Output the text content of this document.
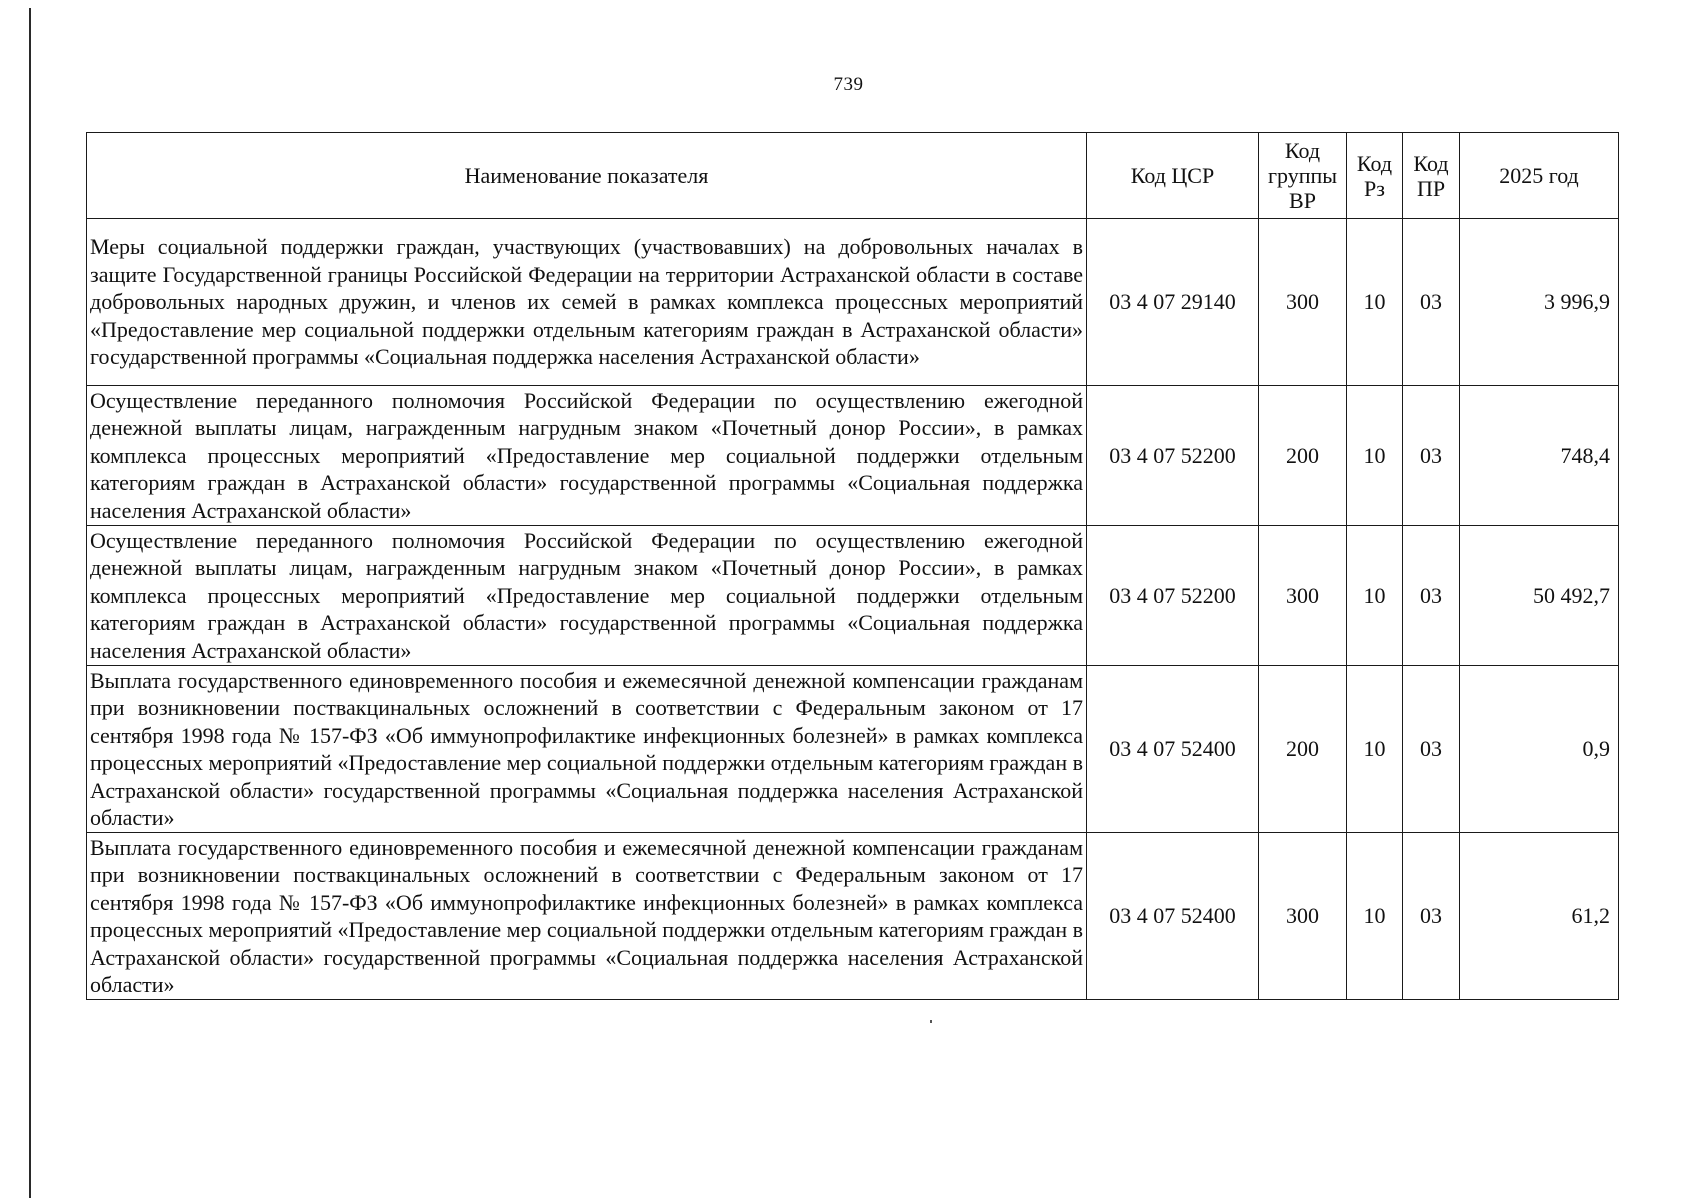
739
Наименование показателя	Код ЦСР	Код группы ВР	Код Рз	Код ПР	2025 год
Меры социальной поддержки граждан, участвующих (участвовавших) на добровольных началах в защите Государственной границы Российской Федерации на территории Астраханской области в составе добровольных народных дружин, и членов их семей в рамках комплекса процессных мероприятий «Предоставление мер социальной поддержки отдельным категориям граждан в Астраханской области» государственной программы «Социальная поддержка населения Астраханской области»	03 4 07 29140	300	10	03	3 996,9
Осуществление переданного полномочия Российской Федерации по осуществлению ежегодной денежной выплаты лицам, награжденным нагрудным знаком «Почетный донор России», в рамках комплекса процессных мероприятий «Предоставление мер социальной поддержки отдельным категориям граждан в Астраханской области» государственной программы «Социальная поддержка населения Астраханской области»	03 4 07 52200	200	10	03	748,4
Осуществление переданного полномочия Российской Федерации по осуществлению ежегодной денежной выплаты лицам, награжденным нагрудным знаком «Почетный донор России», в рамках комплекса процессных мероприятий «Предоставление мер социальной поддержки отдельным категориям граждан в Астраханской области» государственной программы «Социальная поддержка населения Астраханской области»	03 4 07 52200	300	10	03	50 492,7
Выплата государственного единовременного пособия и ежемесячной денежной компенсации гражданам при возникновении поствакцинальных осложнений в соответствии с Федеральным законом от 17 сентября 1998 года № 157-ФЗ «Об иммунопрофилактике инфекционных болезней» в рамках комплекса процессных мероприятий «Предоставление мер социальной поддержки отдельным категориям граждан в Астраханской области» государственной программы «Социальная поддержка населения Астраханской области»	03 4 07 52400	200	10	03	0,9
Выплата государственного единовременного пособия и ежемесячной денежной компенсации гражданам при возникновении поствакцинальных осложнений в соответствии с Федеральным законом от 17 сентября 1998 года № 157-ФЗ «Об иммунопрофилактике инфекционных болезней» в рамках комплекса процессных мероприятий «Предоставление мер социальной поддержки отдельным категориям граждан в Астраханской области» государственной программы «Социальная поддержка населения Астраханской области»	03 4 07 52400	300	10	03	61,2
